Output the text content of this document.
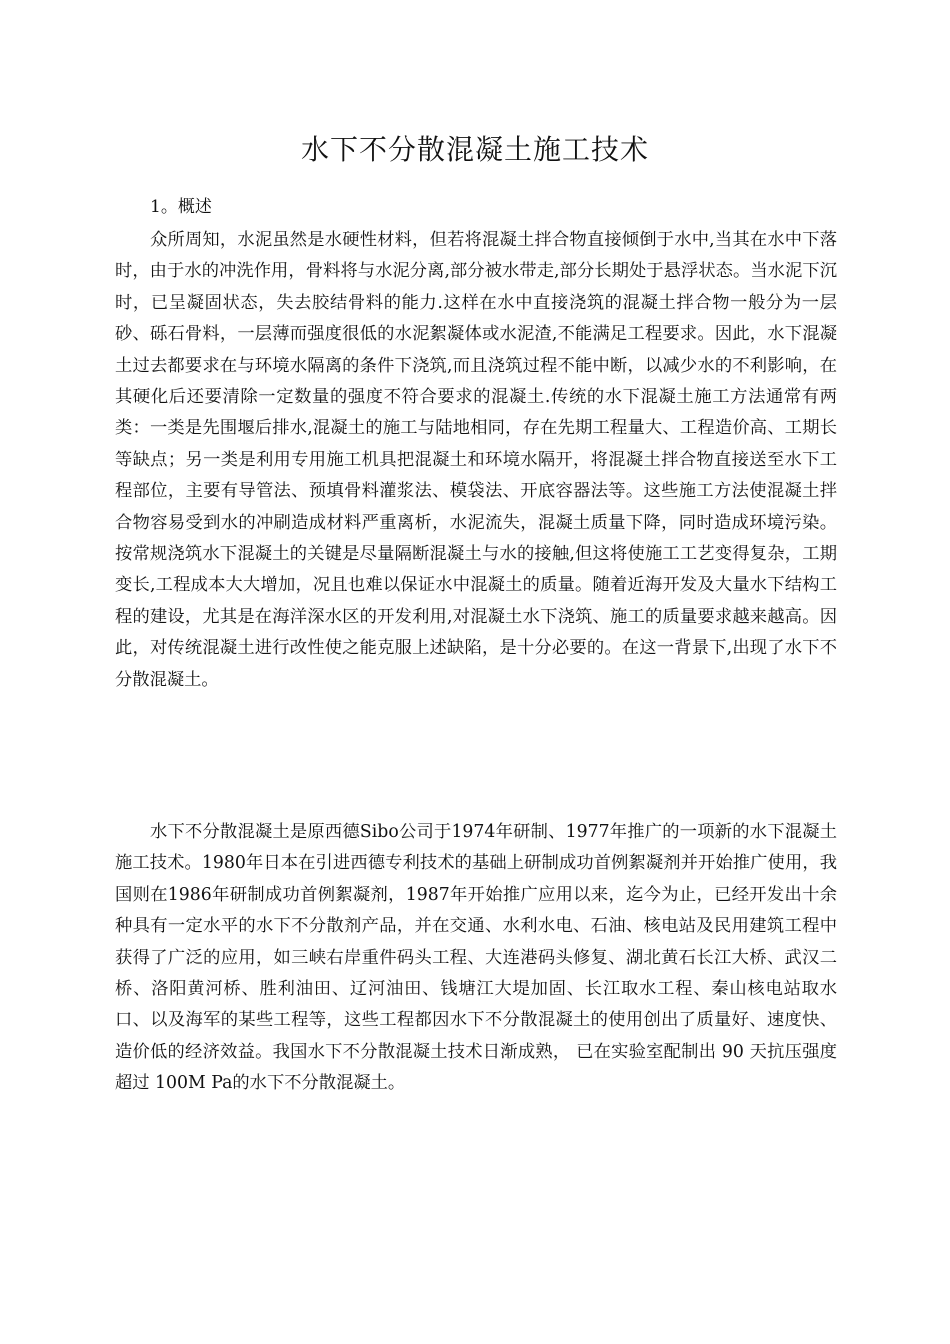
水下不分散混凝土施工技术
1。概述

众所周知，水泥虽然是水硬性材料，但若将混凝土拌合物直接倾倒于水中,当其在水中下落时，由于水的冲洗作用，骨料将与水泥分离,部分被水带走,部分长期处于悬浮状态。当水泥下沉时，已呈凝固状态，失去胶结骨料的能力.这样在水中直接浇筑的混凝土拌合物一般分为一层砂、砾石骨料，一层薄而强度很低的水泥絮凝体或水泥渣,不能满足工程要求。因此，水下混凝土过去都要求在与环境水隔离的条件下浇筑,而且浇筑过程不能中断，以减少水的不利影响，在其硬化后还要清除一定数量的强度不符合要求的混凝土.传统的水下混凝土施工方法通常有两类：一类是先围堰后排水,混凝土的施工与陆地相同，存在先期工程量大、工程造价高、工期长等缺点；另一类是利用专用施工机具把混凝土和环境水隔开，将混凝土拌合物直接送至水下工程部位，主要有导管法、预填骨料灌浆法、模袋法、开底容器法等。这些施工方法使混凝土拌合物容易受到水的冲刷造成材料严重离析，水泥流失，混凝土质量下降，同时造成环境污染。按常规浇筑水下混凝土的关键是尽量隔断混凝土与水的接触,但这将使施工工艺变得复杂，工期变长,工程成本大大增加，况且也难以保证水中混凝土的质量。随着近海开发及大量水下结构工程的建设，尤其是在海洋深水区的开发利用,对混凝土水下浇筑、施工的质量要求越来越高。因此，对传统混凝土进行改性使之能克服上述缺陷，是十分必要的。在这一背景下,出现了水下不分散混凝土。

水下不分散混凝土是原西德Sibo公司于1974年研制、1977年推广的一项新的水下混凝土施工技术。1980年日本在引进西德专利技术的基础上研制成功首例絮凝剂并开始推广使用，我国则在1986年研制成功首例絮凝剂，1987年开始推广应用以来，迄今为止，已经开发出十余种具有一定水平的水下不分散剂产品，并在交通、水利水电、石油、核电站及民用建筑工程中获得了广泛的应用，如三峡右岸重件码头工程、大连港码头修复、湖北黄石长江大桥、武汉二桥、洛阳黄河桥、胜利油田、辽河油田、钱塘江大堤加固、长江取水工程、秦山核电站取水口、以及海军的某些工程等，这些工程都因水下不分散混凝土的使用创出了质量好、速度快、造价低的经济效益。我国水下不分散混凝土技术日渐成熟， 已在实验室配制出 90 天抗压强度超过 100M Pa的水下不分散混凝土。
